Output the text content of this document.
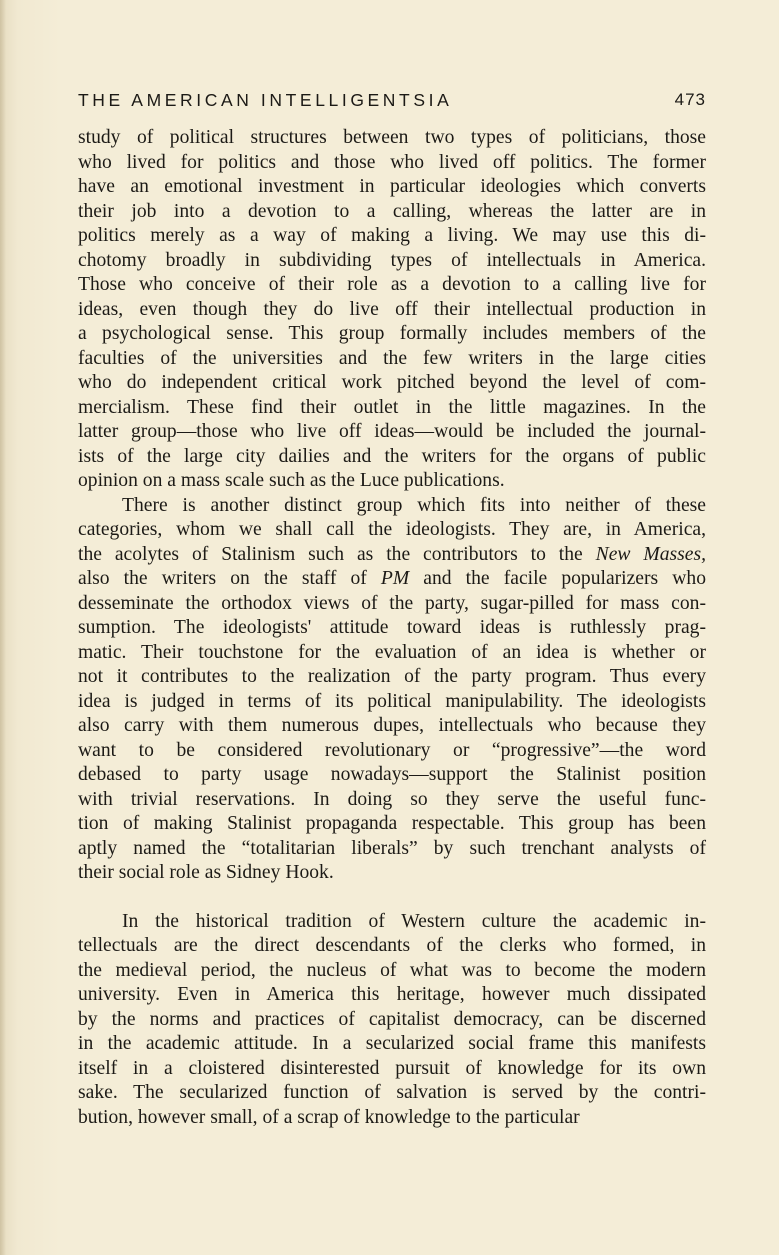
THE AMERICAN INTELLIGENTSIA	473
study of political structures between two types of politicians, those
who lived for politics and those who lived off politics. The former
have an emotional investment in particular ideologies which converts
their job into a devotion to a calling, whereas the latter are in
politics merely as a way of making a living. We may use this di-
chotomy broadly in subdividing types of intellectuals in America.
Those who conceive of their role as a devotion to a calling live for
ideas, even though they do live off their intellectual production in
a psychological sense. This group formally includes members of the
faculties of the universities and the few writers in the large cities
who do independent critical work pitched beyond the level of com-
mercialism. These find their outlet in the little magazines. In the
latter group—those who live off ideas—would be included the journal-
ists of the large city dailies and the writers for the organs of public
opinion on a mass scale such as the Luce publications.
There is another distinct group which fits into neither of these
categories, whom we shall call the ideologists. They are, in America,
the acolytes of Stalinism such as the contributors to the New Masses,
also the writers on the staff of PM and the facile popularizers who
desseminate the orthodox views of the party, sugar-pilled for mass con-
sumption. The ideologists' attitude toward ideas is ruthlessly prag-
matic. Their touchstone for the evaluation of an idea is whether or
not it contributes to the realization of the party program. Thus every
idea is judged in terms of its political manipulability. The ideologists
also carry with them numerous dupes, intellectuals who because they
want to be considered revolutionary or “progressive”—the word
debased to party usage nowadays—support the Stalinist position
with trivial reservations. In doing so they serve the useful func-
tion of making Stalinist propaganda respectable. This group has been
aptly named the “totalitarian liberals” by such trenchant analysts of
their social role as Sidney Hook.
In the historical tradition of Western culture the academic in-
tellectuals are the direct descendants of the clerks who formed, in
the medieval period, the nucleus of what was to become the modern
university. Even in America this heritage, however much dissipated
by the norms and practices of capitalist democracy, can be discerned
in the academic attitude. In a secularized social frame this manifests
itself in a cloistered disinterested pursuit of knowledge for its own
sake. The secularized function of salvation is served by the contri-
bution, however small, of a scrap of knowledge to the particular
